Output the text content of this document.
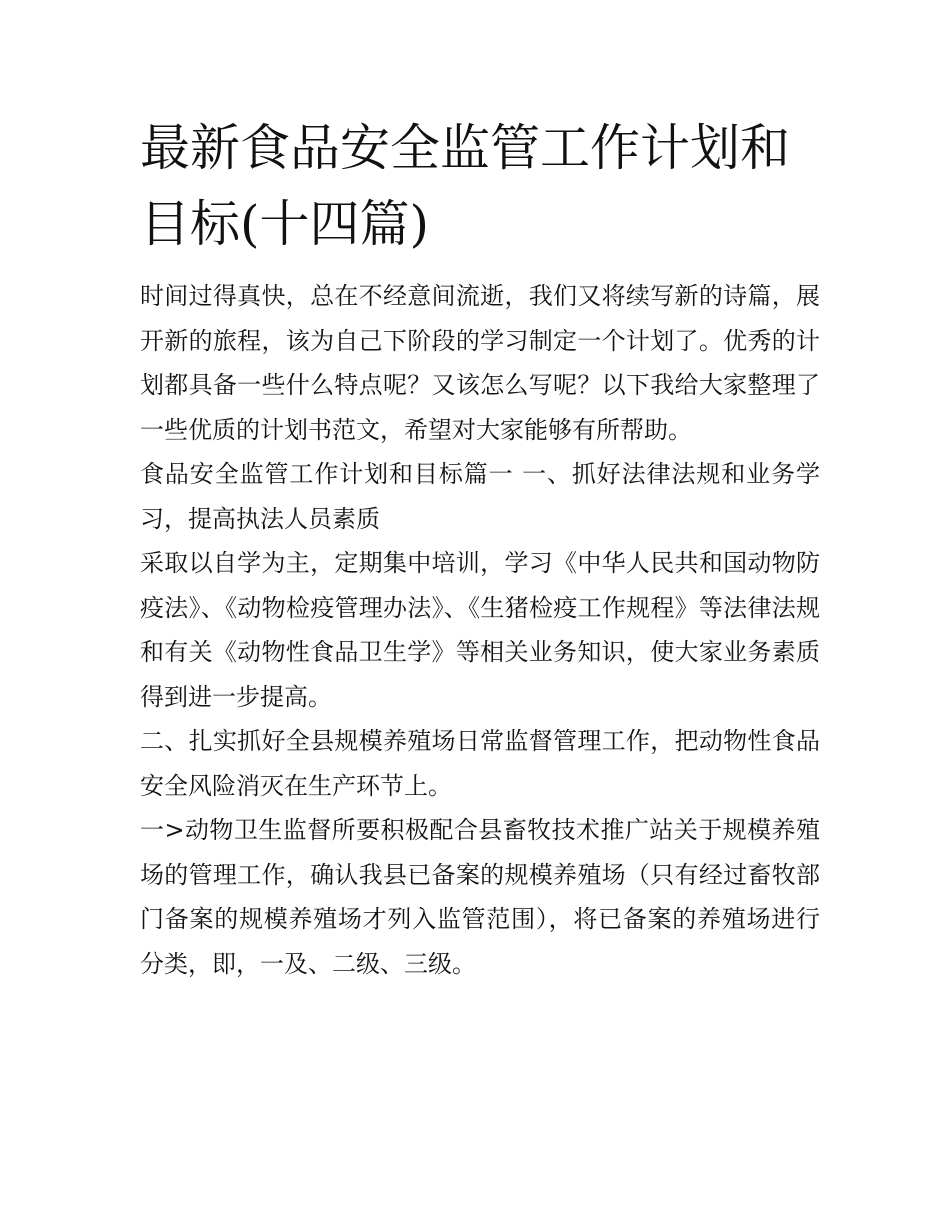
最新食品安全监管工作计划和目标(十四篇)

时间过得真快，总在不经意间流逝，我们又将续写新的诗篇，展开新的旅程，该为自己下阶段的学习制定一个计划了。优秀的计划都具备一些什么特点呢？又该怎么写呢？以下我给大家整理了一些优质的计划书范文，希望对大家能够有所帮助。

食品安全监管工作计划和目标篇一 一、抓好法律法规和业务学习，提高执法人员素质

采取以自学为主，定期集中培训，学习《中华人民共和国动物防疫法》、《动物检疫管理办法》、《生猪检疫工作规程》等法律法规和有关《动物性食品卫生学》等相关业务知识，使大家业务素质得到进一步提高。

二、扎实抓好全县规模养殖场日常监督管理工作，把动物性食品安全风险消灭在生产环节上。

一>动物卫生监督所要积极配合县畜牧技术推广站关于规模养殖场的管理工作，确认我县已备案的规模养殖场（只有经过畜牧部门备案的规模养殖场才列入监管范围），将已备案的养殖场进行分类，即，一及、二级、三级。
